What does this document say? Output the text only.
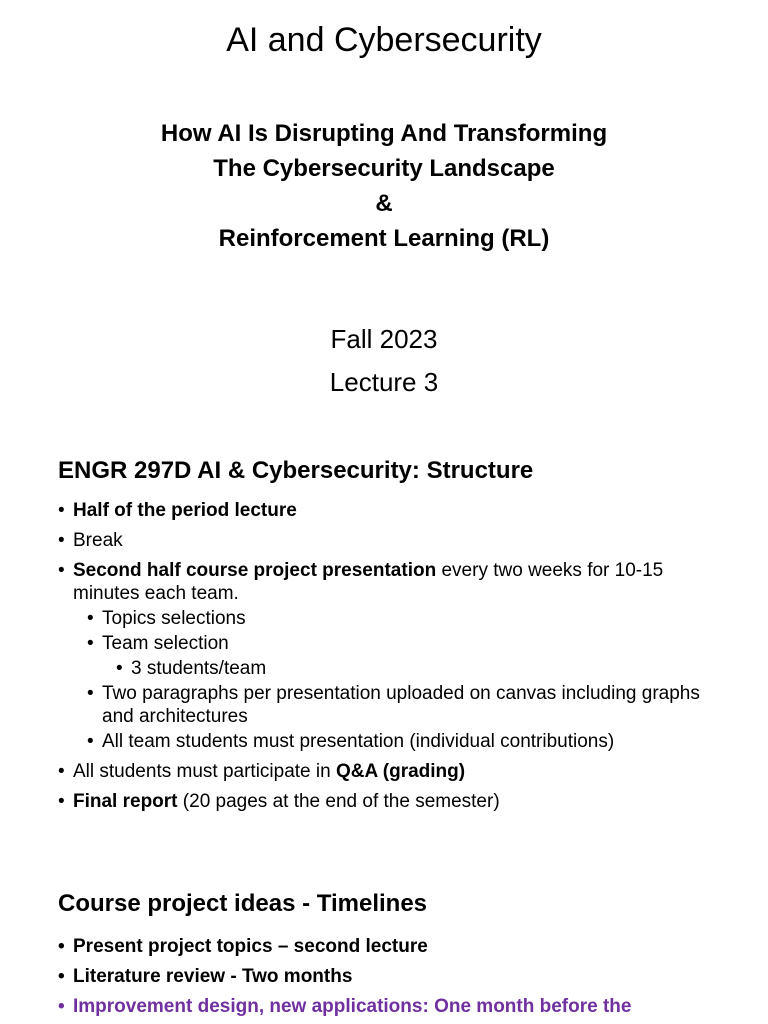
AI and Cybersecurity
How AI Is Disrupting And Transforming
The Cybersecurity Landscape
&
Reinforcement Learning (RL)
Fall 2023
Lecture 3
ENGR 297D AI & Cybersecurity: Structure
• Half of the period lecture
• Break
• Second half course project presentation every two weeks for 10-15 minutes each team.
• Topics selections
• Team selection
• 3 students/team
• Two paragraphs per presentation uploaded on canvas including graphs and architectures
• All team students must presentation (individual contributions)
• All students must participate in Q&A (grading)
• Final report (20 pages at the end of the semester)
Course project ideas - Timelines
• Present project topics – second lecture
• Literature review - Two months
• Improvement design, new applications: One month before the
